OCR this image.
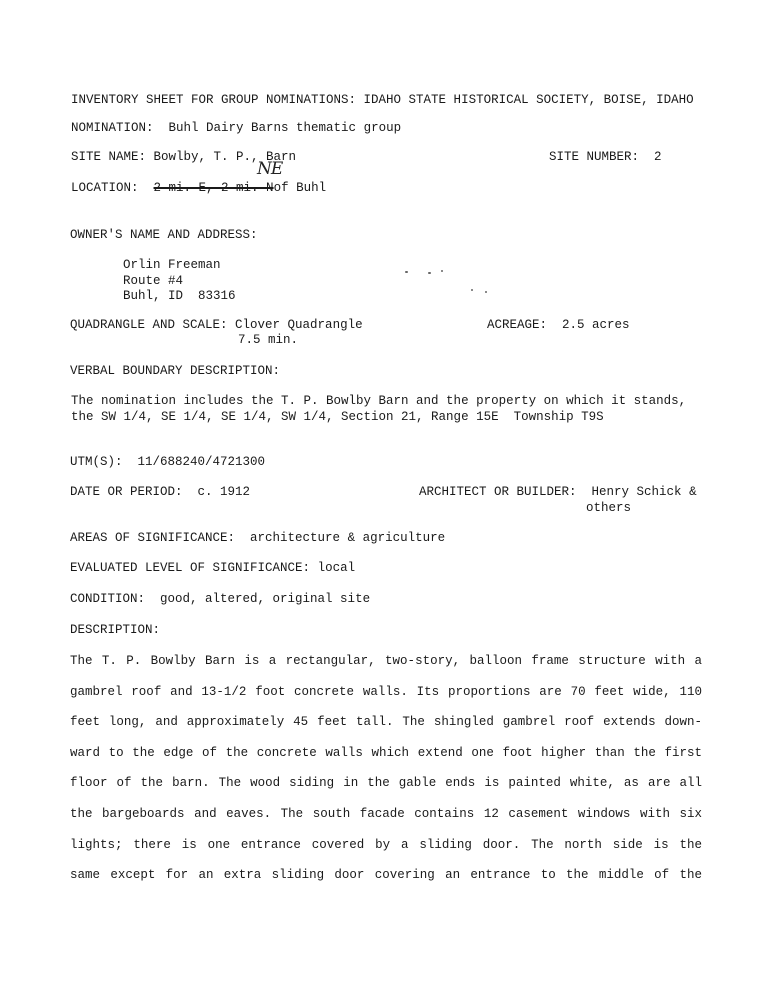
INVENTORY SHEET FOR GROUP NOMINATIONS: IDAHO STATE HISTORICAL SOCIETY, BOISE, IDAHO
NOMINATION: Buhl Dairy Barns thematic group
SITE NAME: Bowlby, T. P., Barn	SITE NUMBER: 2
NE
LOCATION: 2 mi. E, 2 mi. Nof Buhl
OWNER'S NAME AND ADDRESS:
Orlin Freeman
Route #4
Buhl, ID  83316
QUADRANGLE AND SCALE: Clover Quadrangle
7.5 min.
ACREAGE: 2.5 acres
VERBAL BOUNDARY DESCRIPTION:
The nomination includes the T. P. Bowlby Barn and the property on which it stands,
the SW 1/4, SE 1/4, SE 1/4, SW 1/4, Section 21, Range 15E  Township T9S
UTM(S): 11/688240/4721300
DATE OR PERIOD: c. 1912	ARCHITECT OR BUILDER: Henry Schick &
others
AREAS OF SIGNIFICANCE: architecture & agriculture
EVALUATED LEVEL OF SIGNIFICANCE: local
CONDITION: good, altered, original site
DESCRIPTION:
The T. P. Bowlby Barn is a rectangular, two-story, balloon frame structure with a
gambrel roof and 13-1/2 foot concrete walls. Its proportions are 70 feet wide, 110
feet long, and approximately 45 feet tall. The shingled gambrel roof extends down-
ward to the edge of the concrete walls which extend one foot higher than the first
floor of the barn. The wood siding in the gable ends is painted white, as are all
the bargeboards and eaves. The south facade contains 12 casement windows with six
lights; there is one entrance covered by a sliding door. The north side is the
same except for an extra sliding door covering an entrance to the middle of the
